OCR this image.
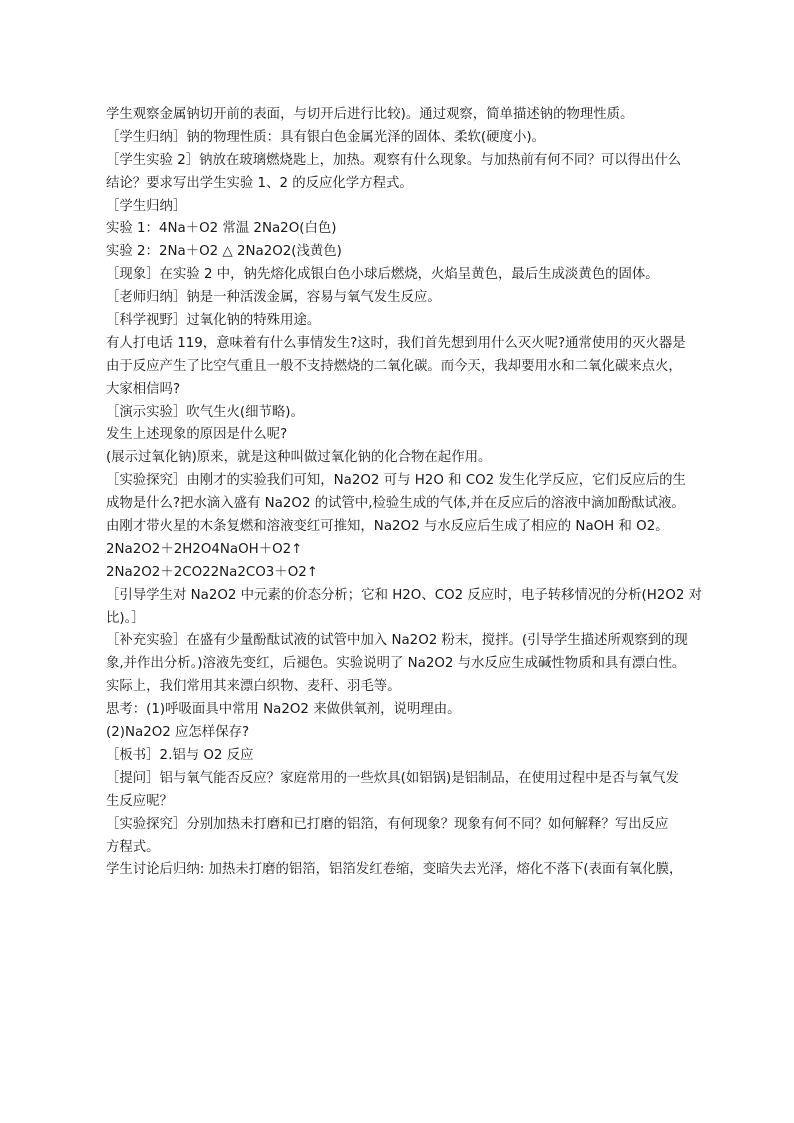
学生观察金属钠切开前的表面，与切开后进行比较)。通过观察，简单描述钠的物理性质。
［学生归纳］钠的物理性质：具有银白色金属光泽的固体、柔软(硬度小)。
［学生实验 2］钠放在玻璃燃烧匙上，加热。观察有什么现象。与加热前有何不同？可以得出什么
结论？要求写出学生实验 1、2 的反应化学方程式。
［学生归纳］
实验 1：4Na＋O2 常温 2Na2O(白色)
实验 2：2Na＋O2 △ 2Na2O2(浅黄色)
［现象］在实验 2 中，钠先熔化成银白色小球后燃烧，火焰呈黄色，最后生成淡黄色的固体。
［老师归纳］钠是一种活泼金属，容易与氧气发生反应。
［科学视野］过氧化钠的特殊用途。
有人打电话 119，意味着有什么事情发生?这时，我们首先想到用什么灭火呢?通常使用的灭火器是
由于反应产生了比空气重且一般不支持燃烧的二氧化碳。而今天，我却要用水和二氧化碳来点火，
大家相信吗?
［演示实验］吹气生火(细节略)。
发生上述现象的原因是什么呢?
(展示过氧化钠)原来，就是这种叫做过氧化钠的化合物在起作用。
［实验探究］由刚才的实验我们可知，Na2O2 可与 H2O 和 CO2 发生化学反应，它们反应后的生
成物是什么?把水滴入盛有 Na2O2 的试管中,检验生成的气体,并在反应后的溶液中滴加酚酞试液。
由刚才带火星的木条复燃和溶液变红可推知，Na2O2 与水反应后生成了相应的 NaOH 和 O2。
2Na2O2＋2H2O4NaOH＋O2↑
2Na2O2＋2CO22Na2CO3＋O2↑
［引导学生对 Na2O2 中元素的价态分析；它和 H2O、CO2 反应时，电子转移情况的分析(H2O2 对
比)。］
［补充实验］在盛有少量酚酞试液的试管中加入 Na2O2 粉末，搅拌。(引导学生描述所观察到的现
象,并作出分析。)溶液先变红，后褪色。实验说明了 Na2O2 与水反应生成碱性物质和具有漂白性。
实际上，我们常用其来漂白织物、麦秆、羽毛等。
思考：(1)呼吸面具中常用 Na2O2 来做供氧剂，说明理由。
(2)Na2O2 应怎样保存?
［板书］2.铝与 O2 反应
［提问］铝与氧气能否反应？家庭常用的一些炊具(如铝锅)是铝制品，在使用过程中是否与氧气发
生反应呢？
［实验探究］分别加热未打磨和已打磨的铝箔，有何现象？现象有何不同？如何解释？写出反应
方程式。
学生讨论后归纳: 加热未打磨的铝箔，铝箔发红卷缩，变暗失去光泽，熔化不落下(表面有氧化膜，
